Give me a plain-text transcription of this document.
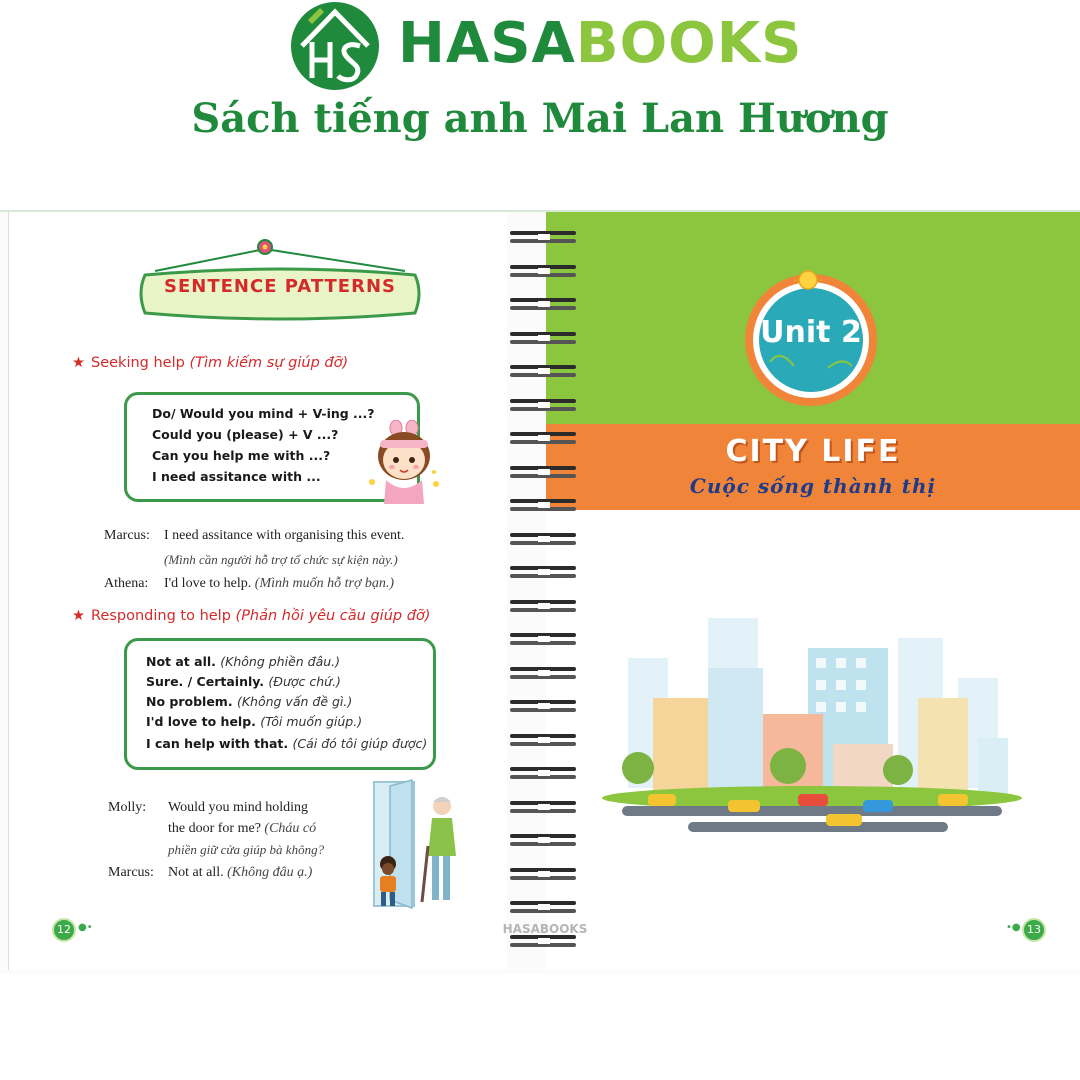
HASABOOKS
Sách tiếng anh Mai Lan Hương
SENTENCE PATTERNS
★ Seeking help (Tìm kiếm sự giúp đỡ)
Do/ Would you mind + V-ing ...?
Could you (please) + V ...?
Can you help me with ...?
I need assitance with ...
Marcus: I need assitance with organising this event.
(Mình cần người hỗ trợ tổ chức sự kiện này.)
Athena: I'd love to help. (Mình muốn hỗ trợ bạn.)
★ Responding to help (Phản hồi yêu cầu giúp đỡ)
Not at all. (Không phiền đâu.)
Sure. / Certainly. (Được chứ.)
No problem. (Không vấn đề gì.)
I'd love to help. (Tôi muốn giúp.)
I can help with that. (Cái đó tôi giúp được)
Molly: Would you mind holding
the door for me? (Cháu có
phiền giữ cửa giúp bà không?
Marcus: Not at all. (Không đâu ạ.)
12 ●•
Unit 2
CITY LIFE
Cuộc sống thành thị
HASABOOKS	•● 13
